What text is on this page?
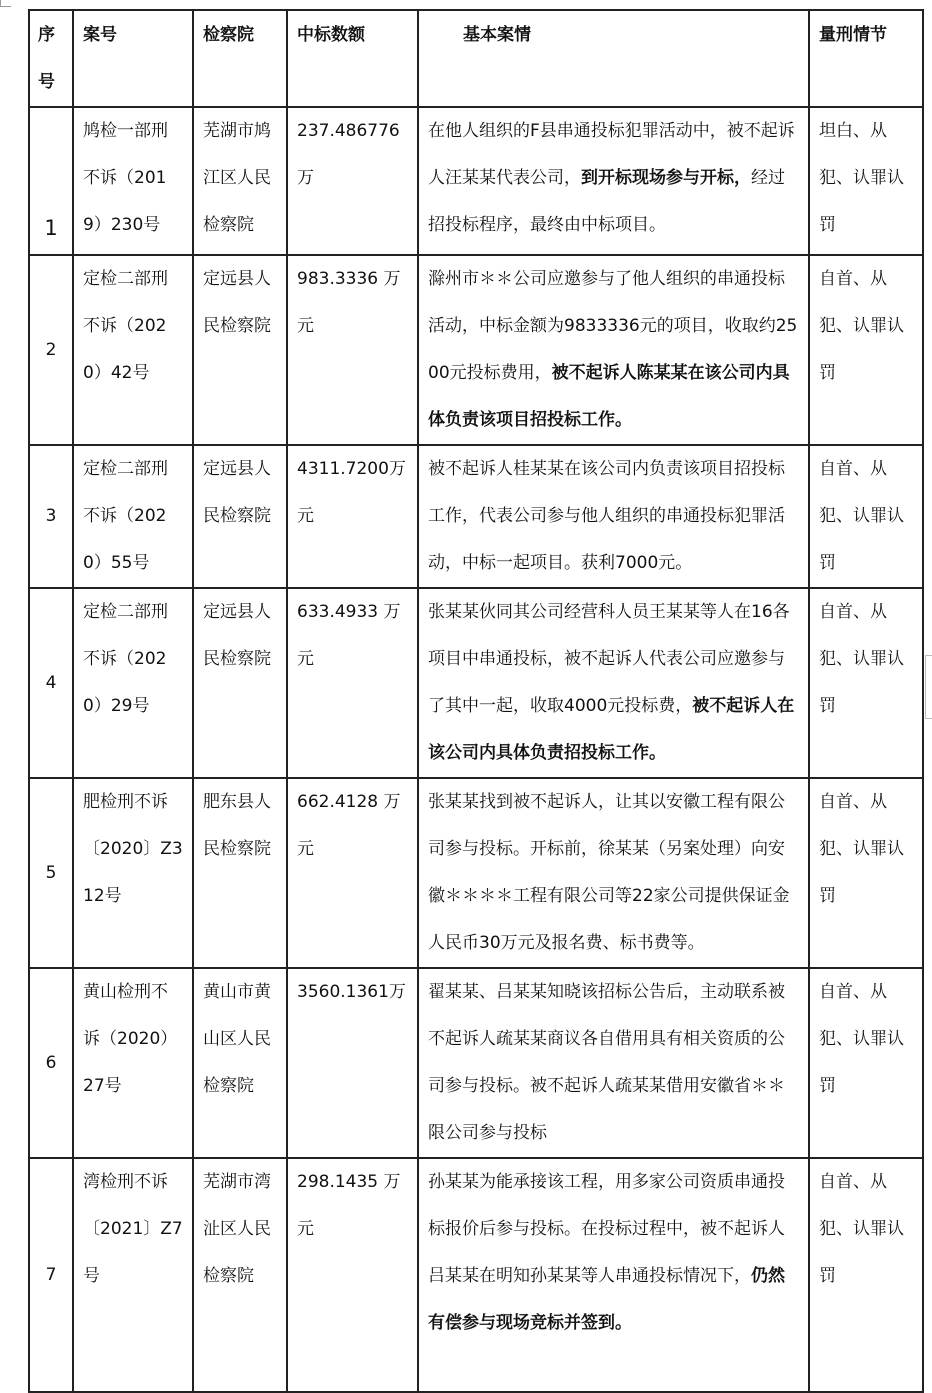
序号	案号	检察院	中标数额	基本案情	量刑情节
1	鸠检一部刑不诉（2019）230号	芜湖市鸠江区人民检察院	237.486776万	在他人组织的F县串通投标犯罪活动中，被不起诉人汪某某代表公司，到开标现场参与开标，经过招投标程序，最终由中标项目。	坦白、从犯、认罪认罚
2	定检二部刑不诉（2020）42号	定远县人民检察院	983.3336 万元	滁州市＊＊公司应邀参与了他人组织的串通投标活动，中标金额为9833336元的项目，收取约2500元投标费用，被不起诉人陈某某在该公司内具体负责该项目招投标工作。	自首、从犯、认罪认罚
3	定检二部刑不诉（2020）55号	定远县人民检察院	4311.7200万元	被不起诉人桂某某在该公司内负责该项目招投标工作，代表公司参与他人组织的串通投标犯罪活动，中标一起项目。获利7000元。	自首、从犯、认罪认罚
4	定检二部刑不诉（2020）29号	定远县人民检察院	633.4933 万元	张某某伙同其公司经营科人员王某某等人在16各项目中串通投标，被不起诉人代表公司应邀参与了其中一起，收取4000元投标费，被不起诉人在该公司内具体负责招投标工作。	自首、从犯、认罪认罚
5	肥检刑不诉〔2020〕Z312号	肥东县人民检察院	662.4128 万元	张某某找到被不起诉人，让其以安徽工程有限公司参与投标。开标前，徐某某（另案处理）向安徽＊＊＊＊工程有限公司等22家公司提供保证金人民币30万元及报名费、标书费等。	自首、从犯、认罪认罚
6	黄山检刑不诉（2020）27号	黄山市黄山区人民检察院	3560.1361万	翟某某、吕某某知晓该招标公告后，主动联系被不起诉人疏某某商议各自借用具有相关资质的公司参与投标。被不起诉人疏某某借用安徽省＊＊限公司参与投标	自首、从犯、认罪认罚
7	湾检刑不诉〔2021〕Z7号	芜湖市湾沚区人民检察院	298.1435 万元	孙某某为能承接该工程，用多家公司资质串通投标报价后参与投标。在投标过程中，被不起诉人吕某某在明知孙某某等人串通投标情况下，仍然有偿参与现场竞标并签到。	自首、从犯、认罪认罚
